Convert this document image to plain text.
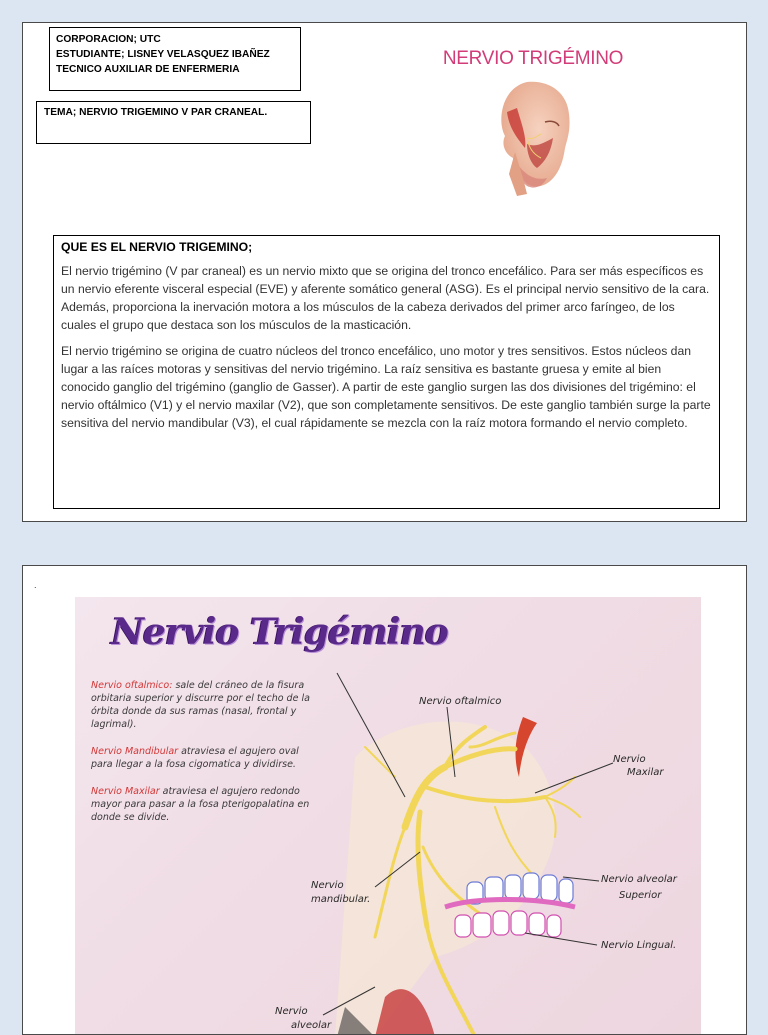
CORPORACION; UTC
ESTUDIANTE; LISNEY VELASQUEZ IBAÑEZ
TECNICO AUXILIAR DE ENFERMERIA
TEMA; NERVIO TRIGEMINO V PAR CRANEAL.
NERVIO TRIGÉMINO
QUE ES EL NERVIO TRIGEMINO;

El nervio trigémino (V par craneal) es un nervio mixto que se origina del tronco encefálico. Para ser más específicos es un nervio eferente visceral especial (EVE) y aferente somático general (ASG). Es el principal nervio sensitivo de la cara. Además, proporciona la inervación motora a los músculos de la cabeza derivados del primer arco faríngeo, de los cuales el grupo que destaca son los músculos de la masticación.

El nervio trigémino se origina de cuatro núcleos del tronco encefálico, uno motor y tres sensitivos. Estos núcleos dan lugar a las raíces motoras y sensitivas del nervio trigémino. La raíz sensitiva es bastante gruesa y emite al bien conocido ganglio del trigémino (ganglio de Gasser). A partir de este ganglio surgen las dos divisiones del trigémino: el nervio oftálmico (V1) y el nervio maxilar (V2), que son completamente sensitivos. De este ganglio también surge la parte sensitiva del nervio mandibular (V3), el cual rápidamente se mezcla con la raíz motora formando el nervio completo.

.
Nervio Trigémino
Nervio oftalmico: sale del cráneo de la fisura orbitaria superior y discurre por el techo de la órbita donde da sus ramas (nasal, frontal y lagrimal).
Nervio Mandibular atraviesa el agujero oval para llegar a la fosa cigomatica y dividirse.
Nervio Maxilar atraviesa el agujero redondo mayor para pasar a la fosa pterigopalatina en donde se divide.
Nervio oftalmico
Nervio
Maxilar
Nervio alveolar
Superior
Nervio
mandibular.
Nervio Lingual.
Nervio
alveolar
